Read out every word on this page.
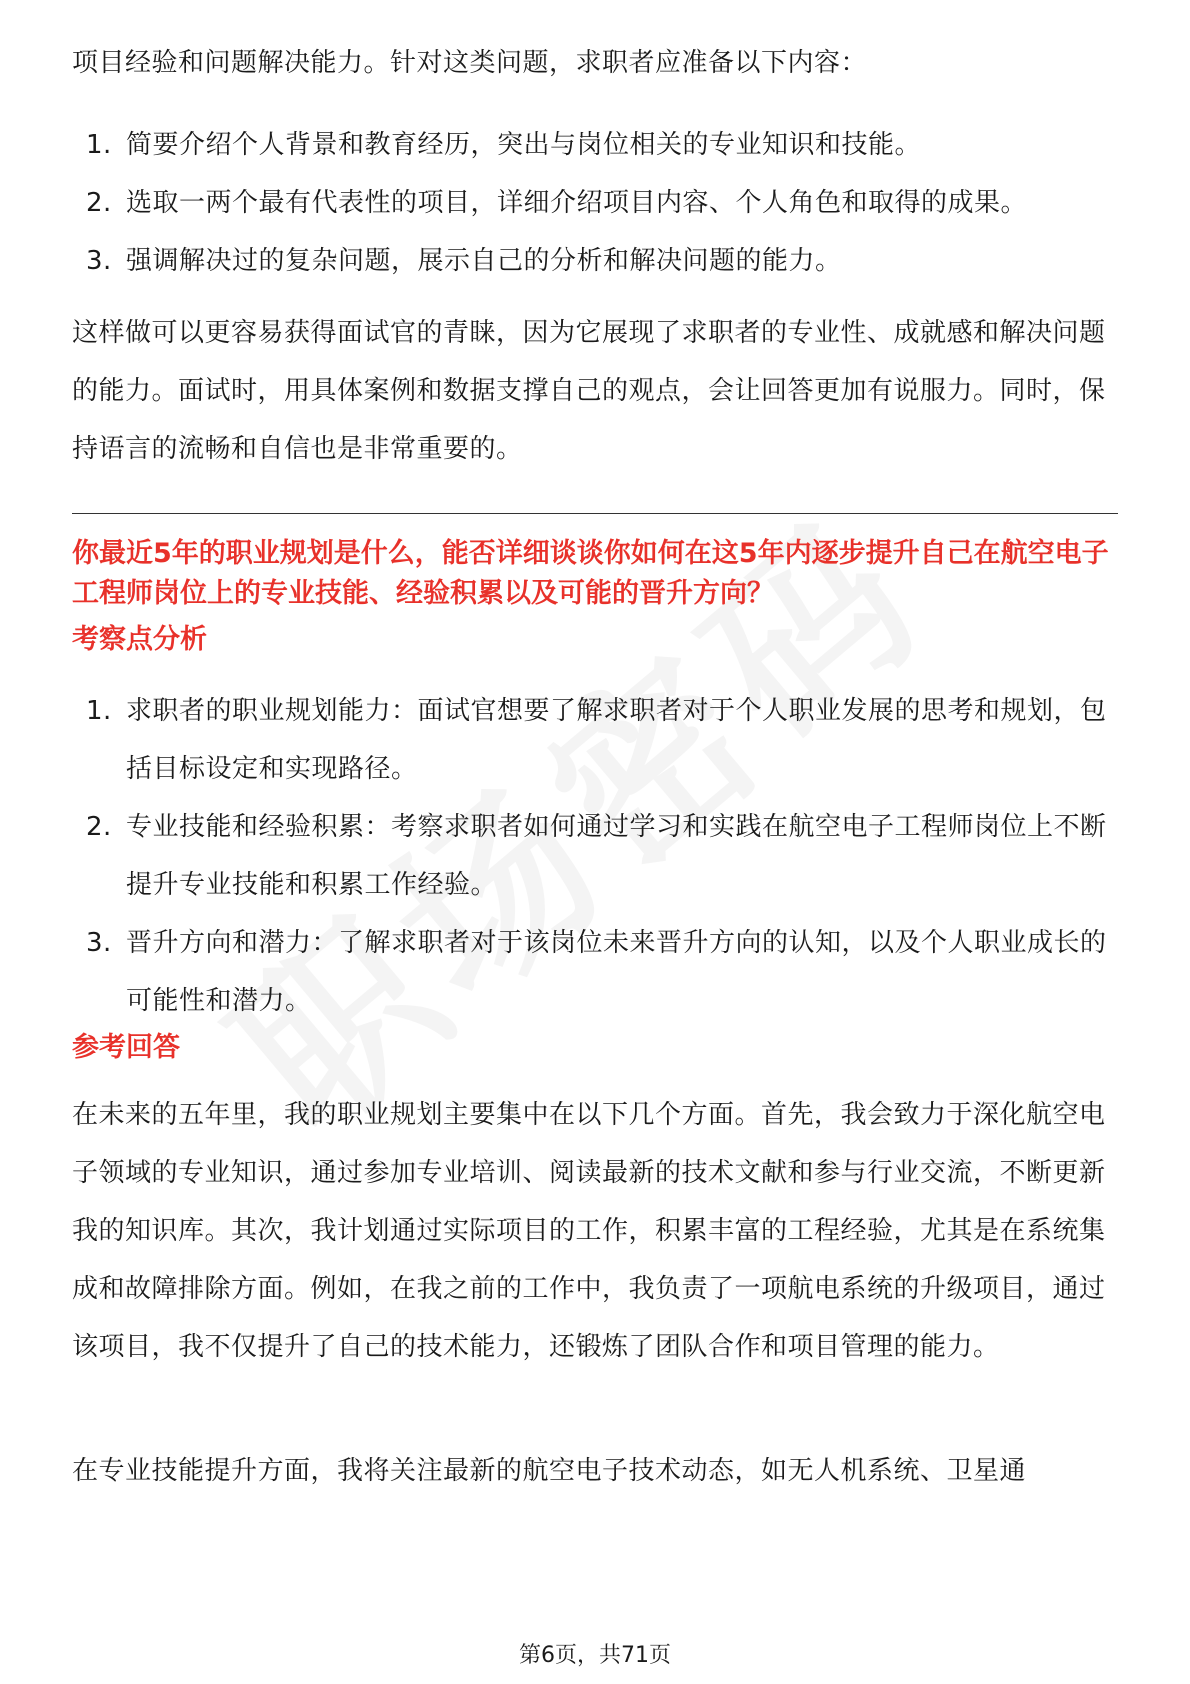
项目经验和问题解决能力。针对这类问题，求职者应准备以下内容：

1. 简要介绍个人背景和教育经历，突出与岗位相关的专业知识和技能。
2. 选取一两个最有代表性的项目，详细介绍项目内容、个人角色和取得的成果。
3. 强调解决过的复杂问题，展示自己的分析和解决问题的能力。

这样做可以更容易获得面试官的青睐，因为它展现了求职者的专业性、成就感和解决问题的能力。面试时，用具体案例和数据支撑自己的观点，会让回答更加有说服力。同时，保持语言的流畅和自信也是非常重要的。

你最近5年的职业规划是什么，能否详细谈谈你如何在这5年内逐步提升自己在航空电子工程师岗位上的专业技能、经验积累以及可能的晋升方向？

考察点分析

1. 求职者的职业规划能力：面试官想要了解求职者对于个人职业发展的思考和规划，包括目标设定和实现路径。
2. 专业技能和经验积累：考察求职者如何通过学习和实践在航空电子工程师岗位上不断提升专业技能和积累工作经验。
3. 晋升方向和潜力：了解求职者对于该岗位未来晋升方向的认知，以及个人职业成长的可能性和潜力。

参考回答

在未来的五年里，我的职业规划主要集中在以下几个方面。首先，我会致力于深化航空电子领域的专业知识，通过参加专业培训、阅读最新的技术文献和参与行业交流，不断更新我的知识库。其次，我计划通过实际项目的工作，积累丰富的工程经验，尤其是在系统集成和故障排除方面。例如，在我之前的工作中，我负责了一项航电系统的升级项目，通过该项目，我不仅提升了自己的技术能力，还锻炼了团队合作和项目管理的能力。

在专业技能提升方面，我将关注最新的航空电子技术动态，如无人机系统、卫星通

第6页，共71页
